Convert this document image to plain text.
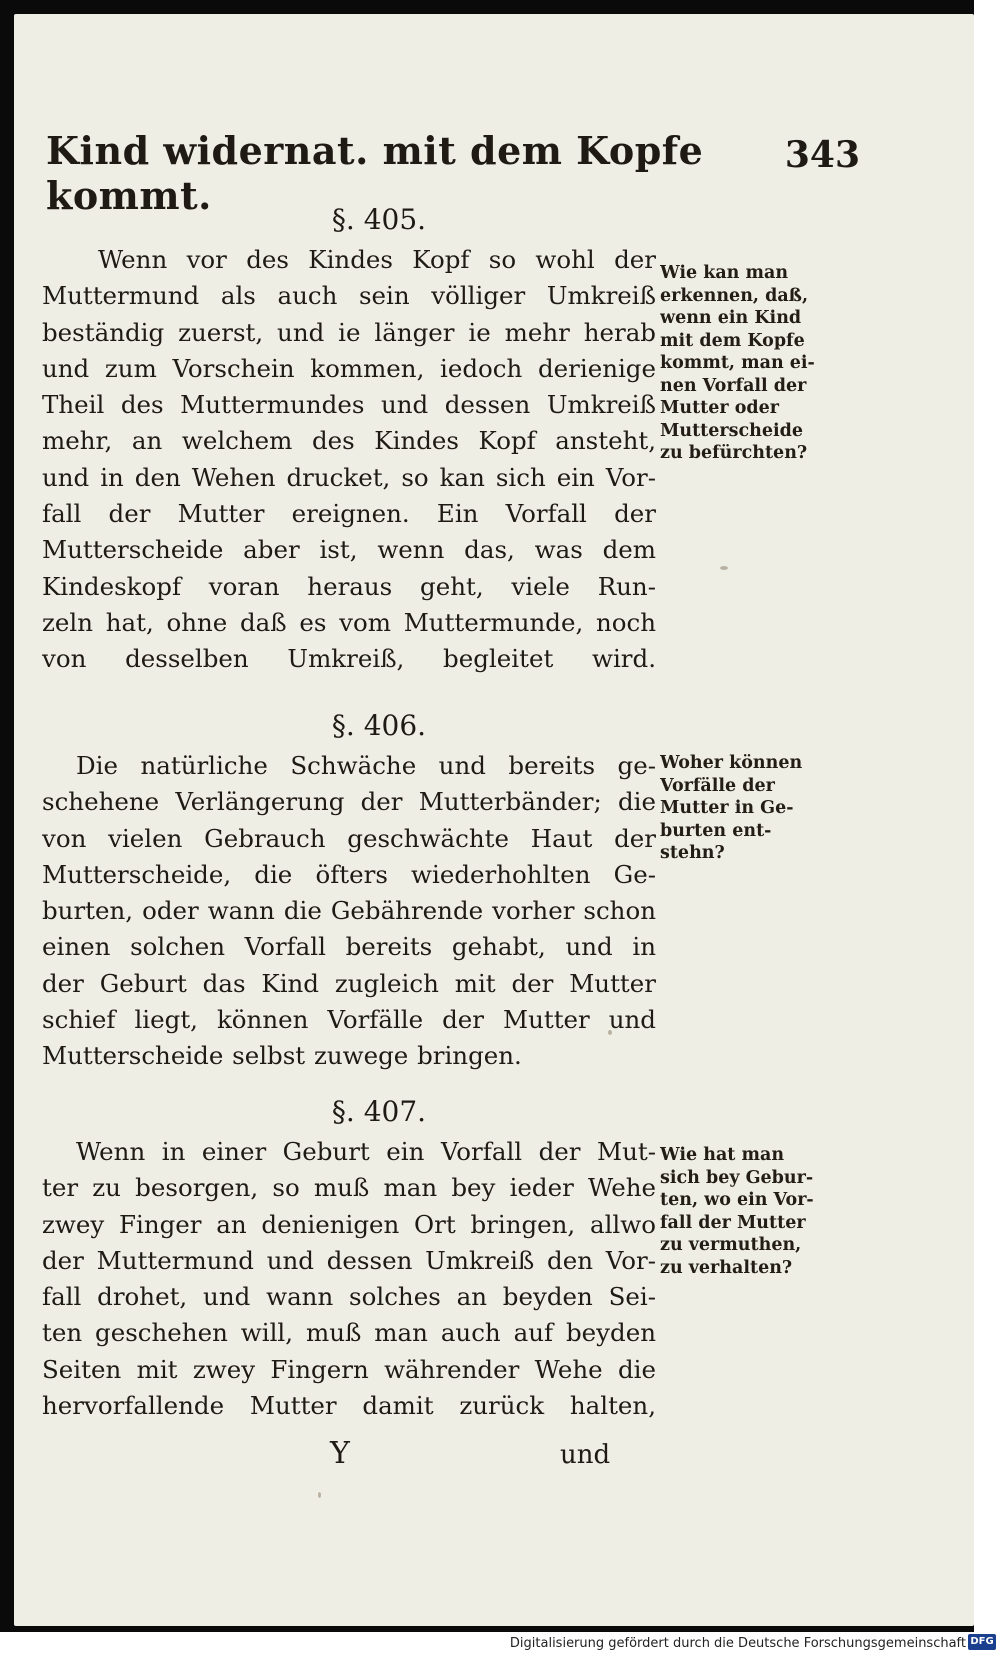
Kind widernat. mit dem Kopfe kommt.
343

§. 405.

Wenn vor des Kindes Kopf so wohl der
Muttermund als auch sein völliger Umkreiß
beständig zuerst, und ie länger ie mehr herab
und zum Vorschein kommen, iedoch derienige
Theil des Muttermundes und dessen Umkreiß
mehr, an welchem des Kindes Kopf ansteht,
und in den Wehen drucket, so kan sich ein Vor-
fall der Mutter ereignen. Ein Vorfall der
Mutterscheide aber ist, wenn das, was dem
Kindeskopf voran heraus geht, viele Run-
zeln hat, ohne daß es vom Muttermunde, noch
von desselben Umkreiß, begleitet wird.
Wie kan man
erkennen, daß,
wenn ein Kind
mit dem Kopfe
kommt, man ei-
nen Vorfall der
Mutter oder
Mutterscheide
zu befürchten?

§. 406.

Die natürliche Schwäche und bereits ge-
schehene Verlängerung der Mutterbänder; die
von vielen Gebrauch geschwächte Haut der
Mutterscheide, die öfters wiederhohlten Ge-
burten, oder wann die Gebährende vorher schon
einen solchen Vorfall bereits gehabt, und in
der Geburt das Kind zugleich mit der Mutter
schief liegt, können Vorfälle der Mutter und
Mutterscheide selbst zuwege bringen.
Woher können
Vorfälle der
Mutter in Ge-
burten ent-
stehn?

§. 407.

Wenn in einer Geburt ein Vorfall der Mut-
ter zu besorgen, so muß man bey ieder Wehe
zwey Finger an denienigen Ort bringen, allwo
der Muttermund und dessen Umkreiß den Vor-
fall drohet, und wann solches an beyden Sei-
ten geschehen will, muß man auch auf beyden
Seiten mit zwey Fingern währender Wehe die
hervorfallende Mutter damit zurück halten,
Wie hat man
sich bey Gebur-
ten, wo ein Vor-
fall der Mutter
zu vermuthen,
zu verhalten?
Y	und
Digitalisierung gefördert durch die Deutsche Forschungsgemeinschaft DFG
